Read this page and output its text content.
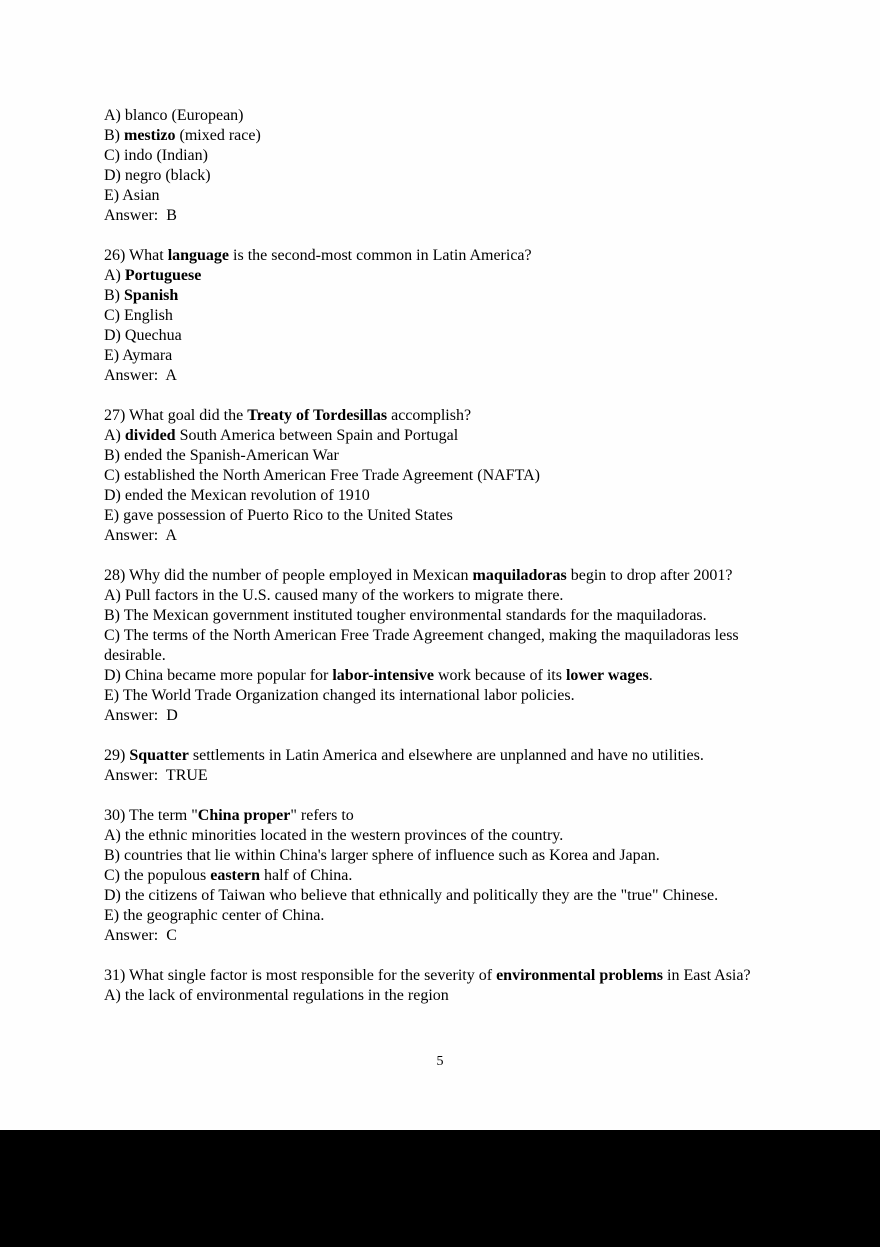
A) blanco (European)
B) mestizo (mixed race)
C) indo (Indian)
D) negro (black)
E) Asian
Answer:  B
26) What language is the second-most common in Latin America?
A) Portuguese
B) Spanish
C) English
D) Quechua
E) Aymara
Answer:  A
27) What goal did the Treaty of Tordesillas accomplish?
A) divided South America between Spain and Portugal
B) ended the Spanish-American War
C) established the North American Free Trade Agreement (NAFTA)
D) ended the Mexican revolution of 1910
E) gave possession of Puerto Rico to the United States
Answer:  A
28) Why did the number of people employed in Mexican maquiladoras begin to drop after 2001?
A) Pull factors in the U.S. caused many of the workers to migrate there.
B) The Mexican government instituted tougher environmental standards for the maquiladoras.
C) The terms of the North American Free Trade Agreement changed, making the maquiladoras less desirable.
D) China became more popular for labor-intensive work because of its lower wages.
E) The World Trade Organization changed its international labor policies.
Answer:  D
29) Squatter settlements in Latin America and elsewhere are unplanned and have no utilities.
Answer:  TRUE
30) The term "China proper" refers to
A) the ethnic minorities located in the western provinces of the country.
B) countries that lie within China's larger sphere of influence such as Korea and Japan.
C) the populous eastern half of China.
D) the citizens of Taiwan who believe that ethnically and politically they are the "true" Chinese.
E) the geographic center of China.
Answer:  C
31) What single factor is most responsible for the severity of environmental problems in East Asia?
A) the lack of environmental regulations in the region
5
